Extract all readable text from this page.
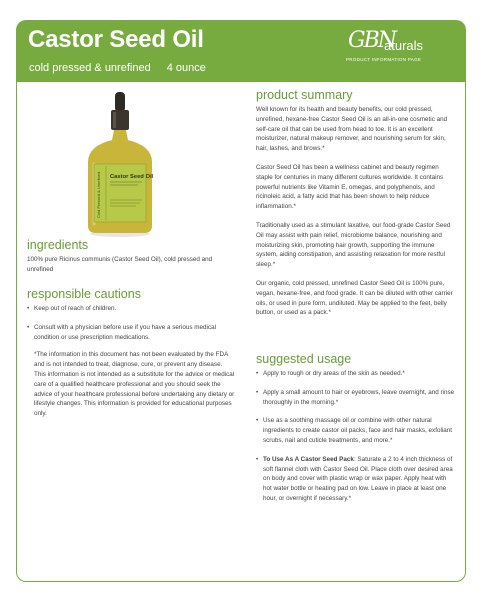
Castor Seed Oil
cold pressed & unrefined 4 ounce
GBN
aturals
PRODUCT INFORMATION PAGE
Cold Pressed & Unrefined Castor Seed Oil
ingredients

100% pure Ricinus communis (Castor Seed Oil), cold pressed and unrefined

responsible cautions
• Keep out of reach of children.
• Consult with a physician before use if you have a serious medical condition or use prescription medications.

*The information in this document has not been evaluated by the FDA and is not intended to treat, diagnose, cure, or prevent any disease. This information is not intended as a substitute for the advice or medical care of a qualified healthcare professional and you should seek the advice of your healthcare professional before undertaking any dietary or lifestyle changes. This information is provided for educational purposes only.

product summary

Well known for its health and beauty benefits, our cold pressed, unrefined, hexane-free Castor Seed Oil is an all-in-one cosmetic and self-care oil that can be used from head to toe. It is an excellent moisturizer, natural makeup remover, and nourishing serum for skin, hair, lashes, and brows.*

Castor Seed Oil has been a wellness cabinet and beauty regimen staple for centuries in many different cultures worldwide. It contains powerful nutrients like Vitamin E, omegas, and polyphenols, and ricinoleic acid, a fatty acid that has been shown to help reduce inflammation.*

Traditionally used as a stimulant laxative, our food-grade Castor Seed Oil may assist with pain relief, microbiome balance, nourishing and moisturizing skin, promoting hair growth, supporting the immune system, aiding constipation, and assisting relaxation for more restful sleep.*

Our organic, cold pressed, unrefined Castor Seed Oil is 100% pure, vegan, hexane-free, and food grade. It can be diluted with other carrier oils, or used in pure form, undiluted. May be applied to the feet, belly button, or used as a pack.*

suggested usage
• Apply to rough or dry areas of the skin as needed.*
• Apply a small amount to hair or eyebrows, leave overnight, and rinse thoroughly in the morning.*
• Use as a soothing massage oil or combine with other natural ingredients to create castor oil packs, face and hair masks, exfoliant scrubs, nail and cuticle treatments, and more.*
• To Use As A Castor Seed Pack: Saturate a 2 to 4 inch thickness of soft flannel cloth with Castor Seed Oil. Place cloth over desired area on body and cover with plastic wrap or wax paper. Apply heat with hot water bottle or heating pad on low. Leave in place at least one hour, or overnight if necessary.*
